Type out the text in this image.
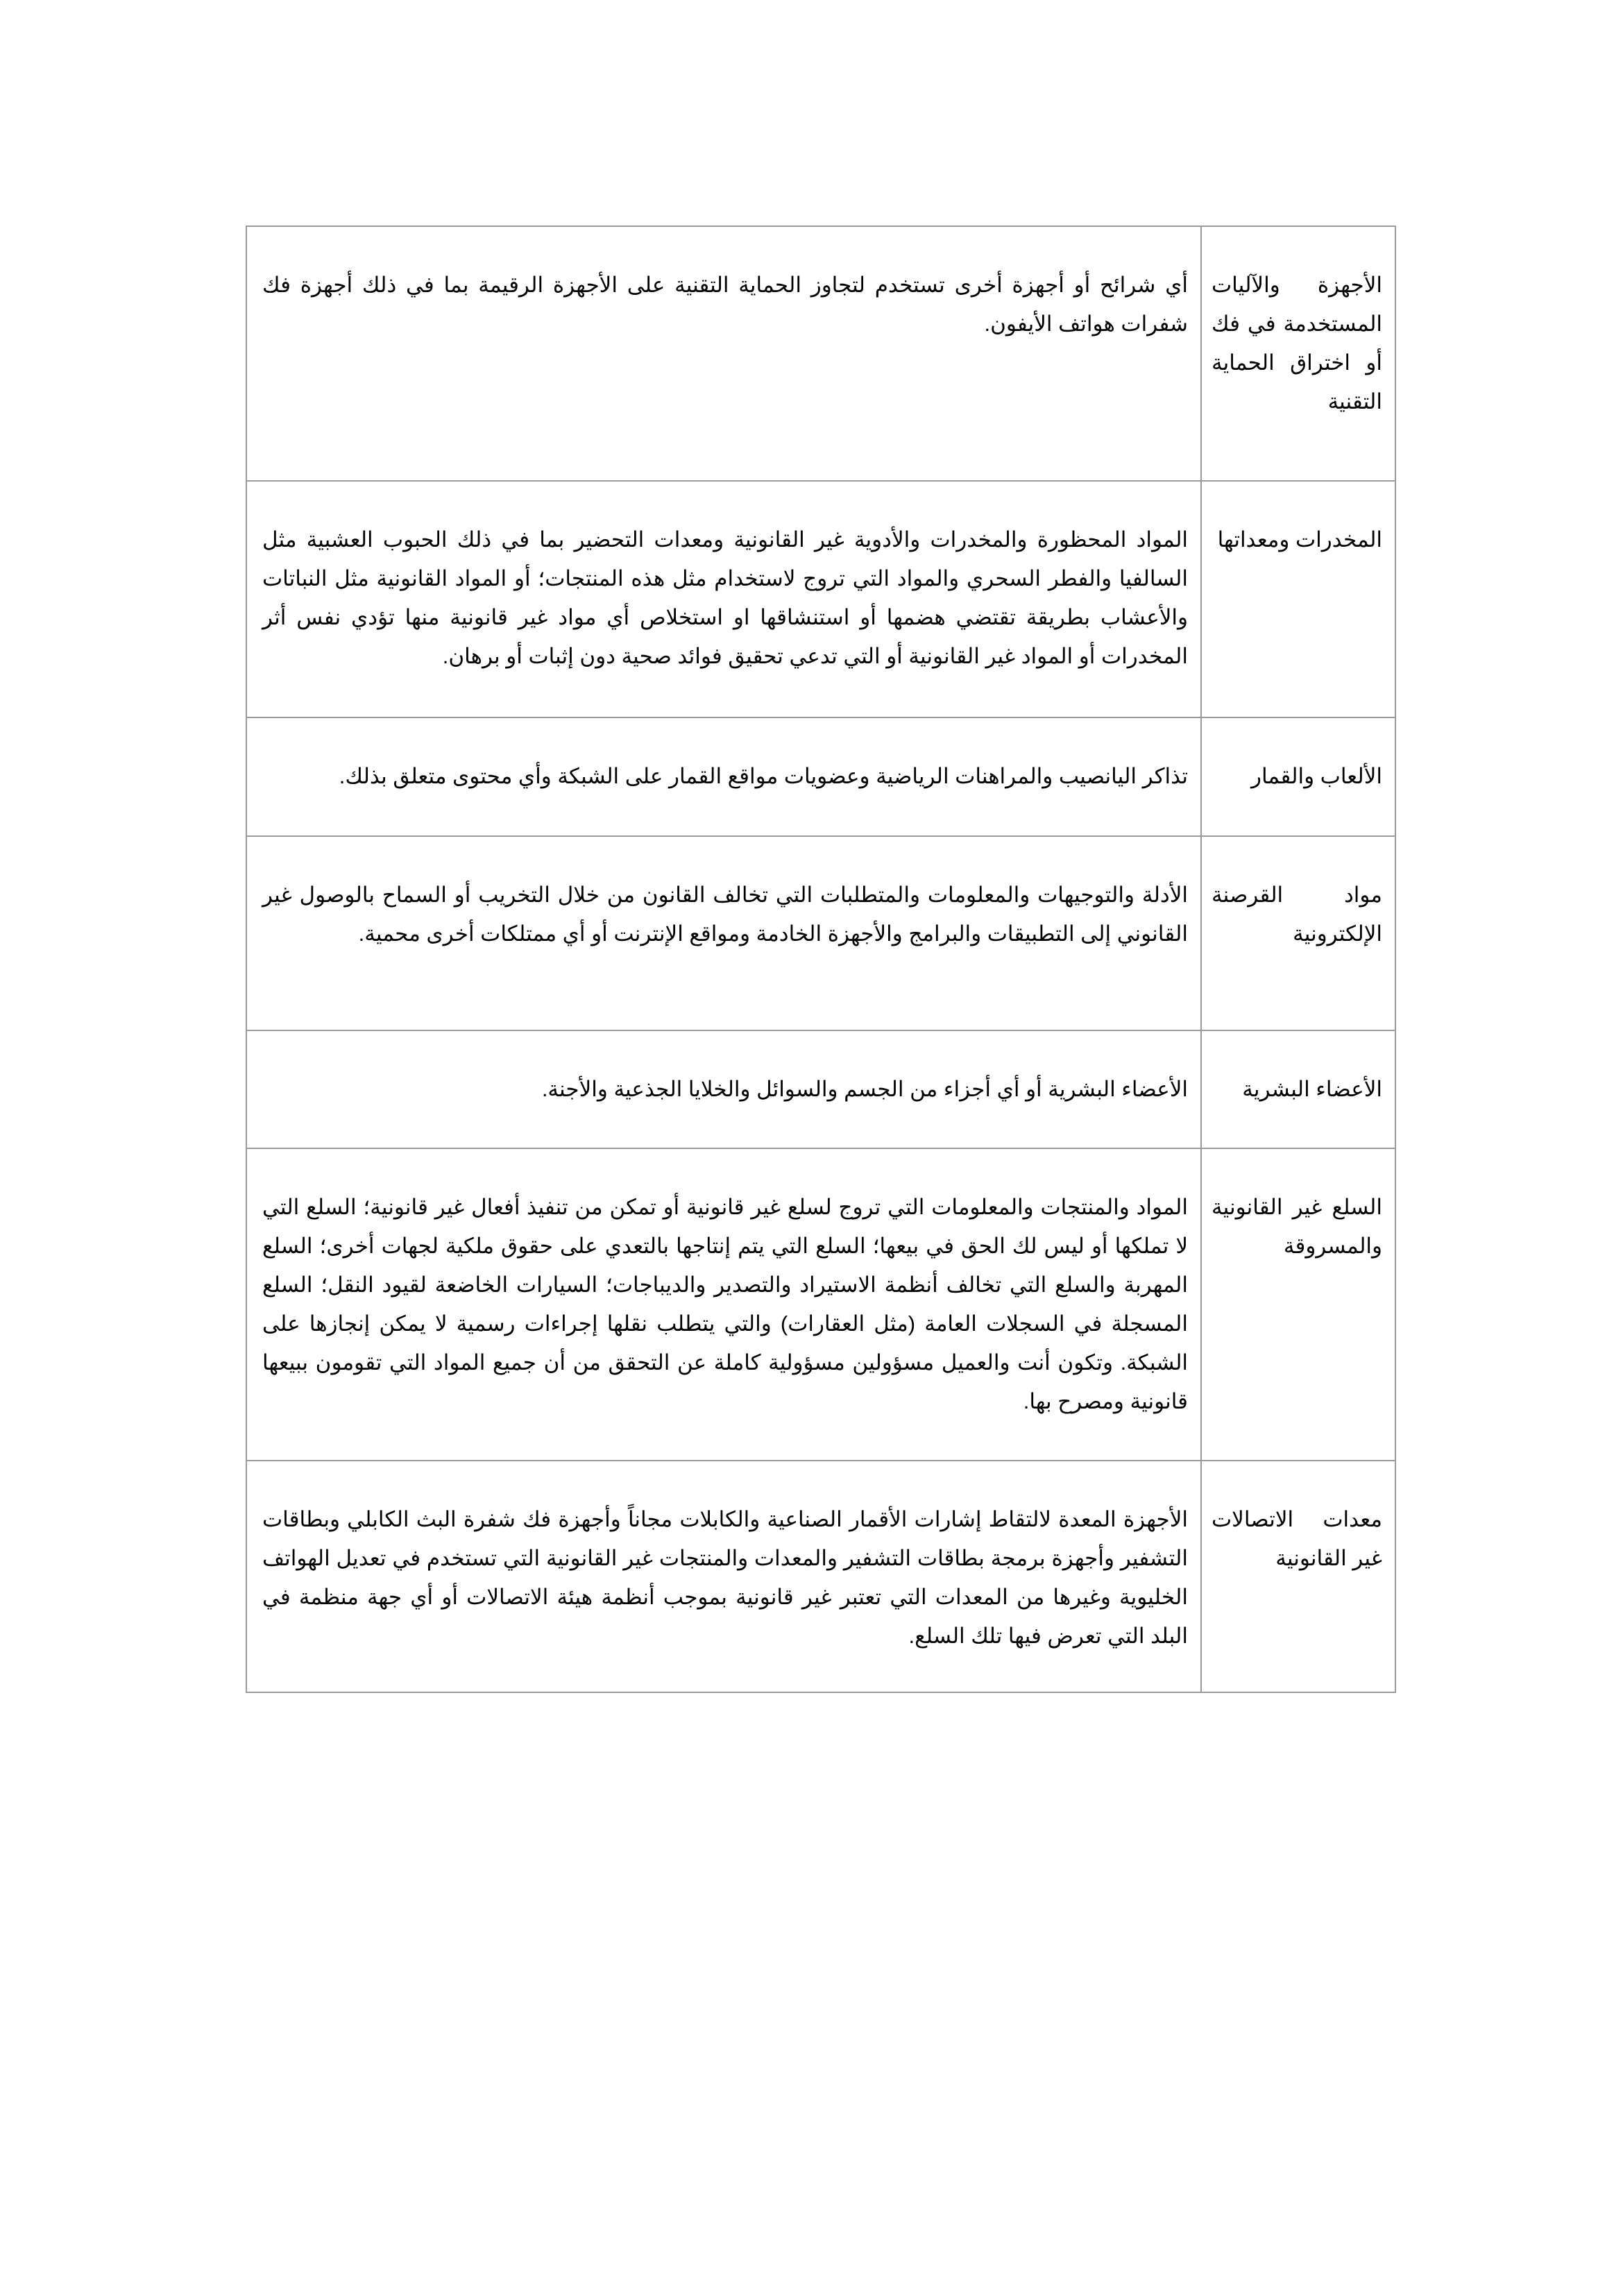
الأجهزة والآليات المستخدمة في فك أو اختراق الحماية التقنية	أي شرائح أو أجهزة أخرى تستخدم لتجاوز الحماية التقنية على الأجهزة الرقيمة بما في ذلك أجهزة فك شفرات هواتف الأيفون.
المخدرات ومعداتها	المواد المحظورة والمخدرات والأدوية غير القانونية ومعدات التحضير بما في ذلك الحبوب العشبية مثل السالفيا والفطر السحري والمواد التي تروج لاستخدام مثل هذه المنتجات؛ أو المواد القانونية مثل النباتات والأعشاب بطريقة تقتضي هضمها أو استنشاقها او استخلاص أي مواد غير قانونية منها تؤدي نفس أثر المخدرات أو المواد غير القانونية أو التي تدعي تحقيق فوائد صحية دون إثبات أو برهان.
الألعاب والقمار	تذاكر اليانصيب والمراهنات الرياضية وعضويات مواقع القمار على الشبكة وأي محتوى متعلق بذلك.
مواد القرصنة الإلكترونية	الأدلة والتوجيهات والمعلومات والمتطلبات التي تخالف القانون من خلال التخريب أو السماح بالوصول غير القانوني إلى التطبيقات والبرامج والأجهزة الخادمة ومواقع الإنترنت أو أي ممتلكات أخرى محمية.
الأعضاء البشرية	الأعضاء البشرية أو أي أجزاء من الجسم والسوائل والخلايا الجذعية والأجنة.
السلع غير القانونية والمسروقة	المواد والمنتجات والمعلومات التي تروج لسلع غير قانونية أو تمكن من تنفيذ أفعال غير قانونية؛ السلع التي لا تملكها أو ليس لك الحق في بيعها؛ السلع التي يتم إنتاجها بالتعدي على حقوق ملكية لجهات أخرى؛ السلع المهربة والسلع التي تخالف أنظمة الاستيراد والتصدير والديباجات؛ السيارات الخاضعة لقيود النقل؛ السلع المسجلة في السجلات العامة (مثل العقارات) والتي يتطلب نقلها إجراءات رسمية لا يمكن إنجازها على الشبكة. وتكون أنت والعميل مسؤولين مسؤولية كاملة عن التحقق من أن جميع المواد التي تقومون ببيعها قانونية ومصرح بها.
معدات الاتصالات غير القانونية	الأجهزة المعدة لالتقاط إشارات الأقمار الصناعية والكابلات مجاناً وأجهزة فك شفرة البث الكابلي وبطاقات التشفير وأجهزة برمجة بطاقات التشفير والمعدات والمنتجات غير القانونية التي تستخدم في تعديل الهواتف الخليوية وغيرها من المعدات التي تعتبر غير قانونية بموجب أنظمة هيئة الاتصالات أو أي جهة منظمة في البلد التي تعرض فيها تلك السلع.
